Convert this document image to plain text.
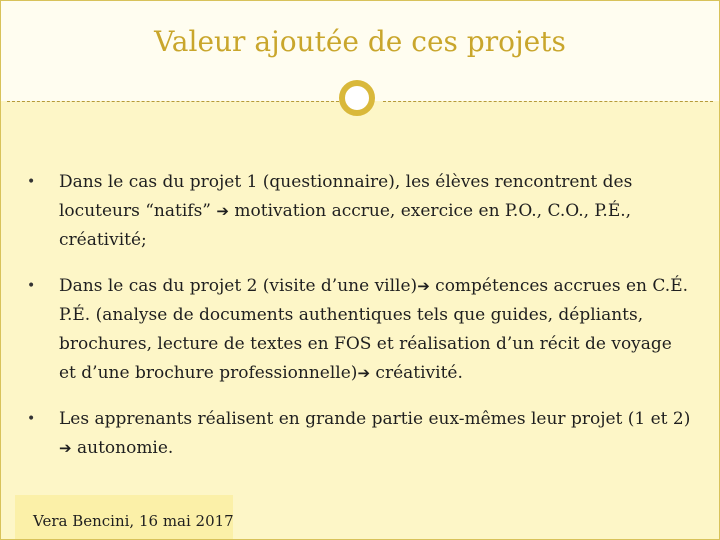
Valeur ajoutée de ces projets
• Dans le cas du projet 1 (questionnaire), les élèves rencontrent des locuteurs “natifs” ➔ motivation accrue, exercice en P.O., C.O., P.É., créativité;
• Dans le cas du projet 2 (visite d’une ville)➔ compétences accrues en C.É. P.É. (analyse de documents authentiques tels que guides, dépliants, brochures, lecture de textes en FOS et réalisation d’un récit de voyage et d’une brochure professionnelle)➔ créativité.
• Les apprenants réalisent en grande partie eux-mêmes leur projet (1 et 2) ➔ autonomie.
Vera Bencini, 16 mai 2017
